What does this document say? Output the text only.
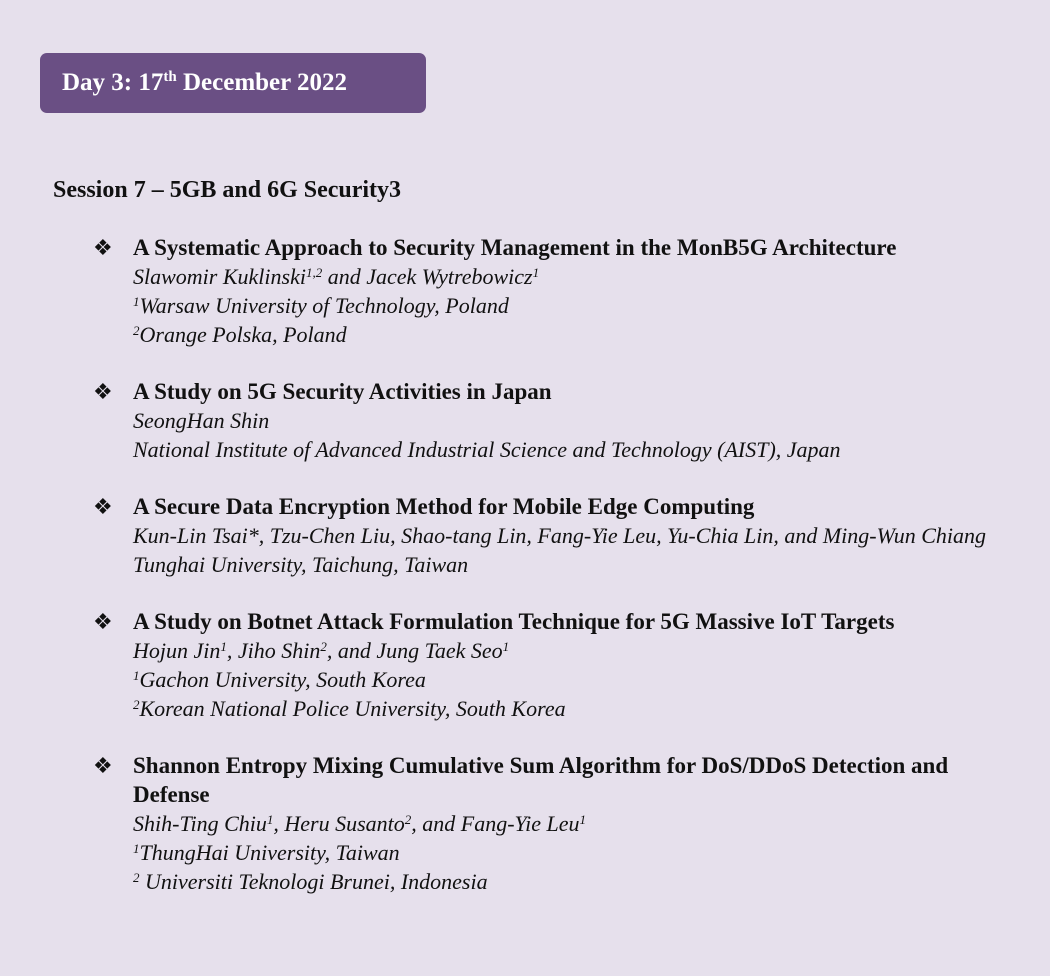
Day 3: 17th December 2022
Session 7 – 5GB and 6G Security3
❖ A Systematic Approach to Security Management in the MonB5G Architecture
Slawomir Kuklinski$^{1,2}$ and Jacek Wytrebowicz$^1$
$^1$Warsaw University of Technology, Poland
$^2$Orange Polska, Poland
❖ A Study on 5G Security Activities in Japan
SeongHan Shin
National Institute of Advanced Industrial Science and Technology (AIST), Japan
❖ A Secure Data Encryption Method for Mobile Edge Computing
Kun-Lin Tsai*, Tzu-Chen Liu, Shao-tang Lin, Fang-Yie Leu, Yu-Chia Lin, and Ming-Wun Chiang
Tunghai University, Taichung, Taiwan
❖ A Study on Botnet Attack Formulation Technique for 5G Massive IoT Targets
Hojun Jin$^1$, Jiho Shin$^2$, and Jung Taek Seo$^1$
$^1$Gachon University, South Korea
$^2$Korean National Police University, South Korea
❖ Shannon Entropy Mixing Cumulative Sum Algorithm for DoS/DDoS Detection and Defense
Shih-Ting Chiu$^1$, Heru Susanto$^2$, and Fang-Yie Leu$^1$
$^1$ThungHai University, Taiwan
$^2$ Universiti Teknologi Brunei, Indonesia
